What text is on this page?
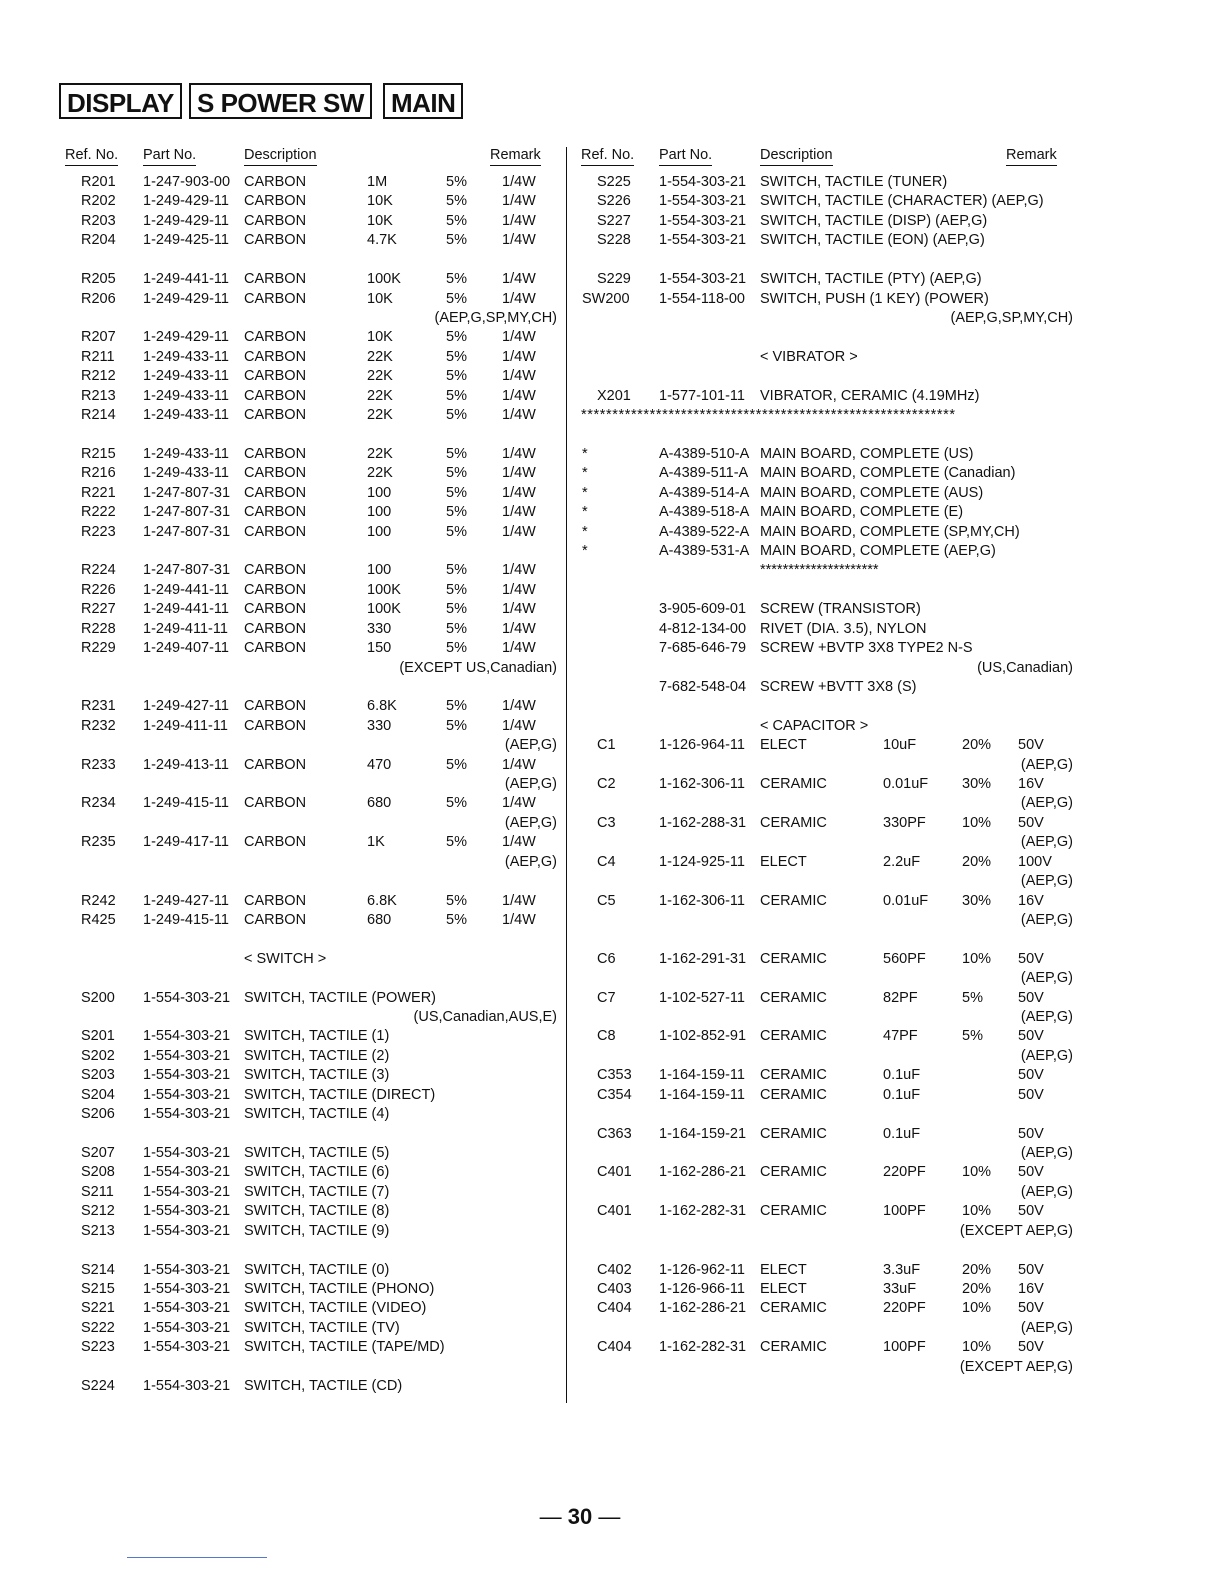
DISPLAY S POWER SW	MAIN
Ref. No. Part No.	Description	Remark
R201 1-247-903-00 CARBON	1M	5% 1/4W
R202 1-249-429-11 CARBON	10K	5% 1/4W
R203 1-249-429-11 CARBON	10K	5% 1/4W
R204 1-249-425-11 CARBON	4.7K	5% 1/4W
R205 1-249-441-11 CARBON	100K	5% 1/4W
R206 1-249-429-11 CARBON	10K	5% 1/4W
(AEP,G,SP,MY,CH)
R207 1-249-429-11 CARBON	10K	5% 1/4W
R211 1-249-433-11 CARBON	22K	5% 1/4W
R212 1-249-433-11 CARBON	22K	5% 1/4W
R213 1-249-433-11 CARBON	22K	5% 1/4W
R214 1-249-433-11 CARBON	22K	5% 1/4W
R215 1-249-433-11 CARBON	22K	5% 1/4W
R216 1-249-433-11 CARBON	22K	5% 1/4W
R221 1-247-807-31 CARBON	100	5% 1/4W
R222 1-247-807-31 CARBON	100	5% 1/4W
R223 1-247-807-31 CARBON	100	5% 1/4W
R224 1-247-807-31 CARBON	100	5% 1/4W
R226 1-249-441-11 CARBON	100K	5% 1/4W
R227 1-249-441-11 CARBON	100K	5% 1/4W
R228 1-249-411-11 CARBON	330	5% 1/4W
R229 1-249-407-11 CARBON	150	5% 1/4W
(EXCEPT US,Canadian)
R231 1-249-427-11 CARBON	6.8K	5% 1/4W
R232 1-249-411-11 CARBON	330	5% 1/4W
(AEP,G)
R233 1-249-413-11 CARBON	470	5% 1/4W
(AEP,G)
R234 1-249-415-11 CARBON	680	5% 1/4W
(AEP,G)
R235 1-249-417-11 CARBON	1K	5% 1/4W
(AEP,G)
R242 1-249-427-11 CARBON	6.8K	5% 1/4W
R425 1-249-415-11 CARBON	680	5% 1/4W
< SWITCH >
S200 1-554-303-21 SWITCH, TACTILE (POWER)
(US,Canadian,AUS,E)
S201 1-554-303-21 SWITCH, TACTILE (1)
S202 1-554-303-21 SWITCH, TACTILE (2)
S203 1-554-303-21 SWITCH, TACTILE (3)
S204 1-554-303-21 SWITCH, TACTILE (DIRECT)
S206 1-554-303-21 SWITCH, TACTILE (4)
S207 1-554-303-21 SWITCH, TACTILE (5)
S208 1-554-303-21 SWITCH, TACTILE (6)
S211 1-554-303-21 SWITCH, TACTILE (7)
S212 1-554-303-21 SWITCH, TACTILE (8)
S213 1-554-303-21 SWITCH, TACTILE (9)
S214 1-554-303-21 SWITCH, TACTILE (0)
S215 1-554-303-21 SWITCH, TACTILE (PHONO)
S221 1-554-303-21 SWITCH, TACTILE (VIDEO)
S222 1-554-303-21 SWITCH, TACTILE (TV)
S223 1-554-303-21 SWITCH, TACTILE (TAPE/MD)
S224 1-554-303-21 SWITCH, TACTILE (CD)
Ref. No. Part No.	Description	Remark
S225 1-554-303-21 SWITCH, TACTILE (TUNER)
S226 1-554-303-21 SWITCH, TACTILE (CHARACTER) (AEP,G)
S227 1-554-303-21 SWITCH, TACTILE (DISP) (AEP,G)
S228 1-554-303-21 SWITCH, TACTILE (EON) (AEP,G)
S229 1-554-303-21 SWITCH, TACTILE (PTY) (AEP,G)
SW200 1-554-118-00 SWITCH, PUSH (1 KEY) (POWER)
(AEP,G,SP,MY,CH)
< VIBRATOR >
X201 1-577-101-11 VIBRATOR, CERAMIC (4.19MHz)
************************************************************
*	A-4389-510-A MAIN BOARD, COMPLETE (US)
*	A-4389-511-A MAIN BOARD, COMPLETE (Canadian)
*	A-4389-514-A MAIN BOARD, COMPLETE (AUS)
*	A-4389-518-A MAIN BOARD, COMPLETE (E)
*	A-4389-522-A MAIN BOARD, COMPLETE (SP,MY,CH)
*	A-4389-531-A MAIN BOARD, COMPLETE (AEP,G)
*********************
3-905-609-01 SCREW (TRANSISTOR)
4-812-134-00 RIVET (DIA. 3.5), NYLON
7-685-646-79 SCREW +BVTP 3X8 TYPE2 N-S
(US,Canadian)
7-682-548-04 SCREW +BVTT 3X8 (S)
< CAPACITOR >
C1	1-126-964-11 ELECT	10uF	20% 50V
(AEP,G)
C2	1-162-306-11 CERAMIC	0.01uF 30% 16V
(AEP,G)
C3	1-162-288-31 CERAMIC	330PF	10% 50V
(AEP,G)
C4	1-124-925-11 ELECT	2.2uF	20% 100V
(AEP,G)
C5	1-162-306-11 CERAMIC	0.01uF 30% 16V
(AEP,G)
C6	1-162-291-31 CERAMIC	560PF	10% 50V
(AEP,G)
C7	1-102-527-11 CERAMIC	82PF	5% 50V
(AEP,G)
C8	1-102-852-91 CERAMIC	47PF	5% 50V
(AEP,G)
C353 1-164-159-11 CERAMIC	0.1uF	50V
C354 1-164-159-11 CERAMIC	0.1uF	50V
C363 1-164-159-21 CERAMIC	0.1uF	50V
(AEP,G)
C401 1-162-286-21 CERAMIC	220PF	10% 50V
(AEP,G)
C401 1-162-282-31 CERAMIC	100PF	10% 50V
(EXCEPT AEP,G)
C402 1-126-962-11 ELECT	3.3uF	20% 50V
C403 1-126-966-11 ELECT	33uF	20% 16V
C404 1-162-286-21 CERAMIC	220PF	10% 50V
(AEP,G)
C404 1-162-282-31 CERAMIC	100PF	10% 50V
(EXCEPT AEP,G)
— 30 —
